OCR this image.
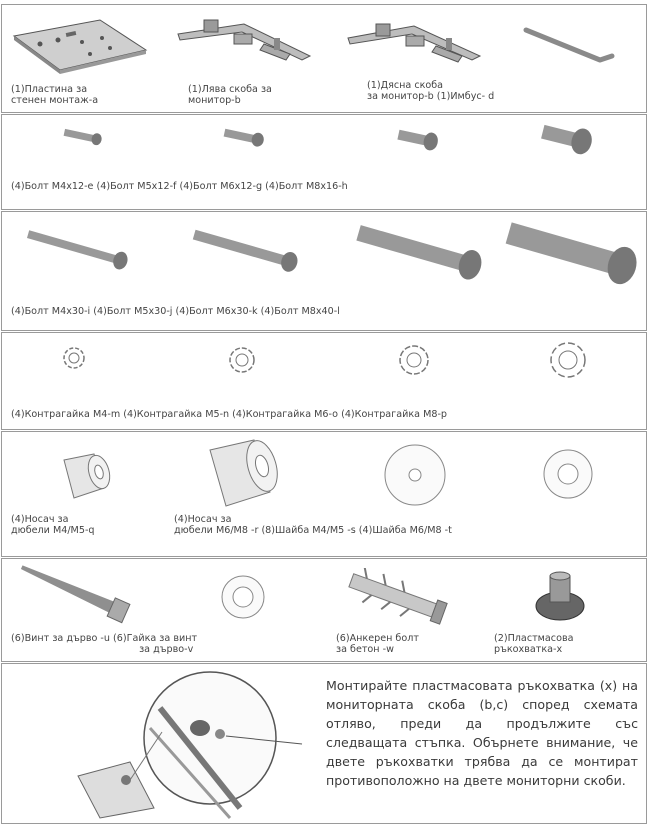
(1)Пластина за
стенен монтаж-а
(1)Лява скоба за
монитор-b
(1)Дясна скоба
за монитор-b (1)Имбус- d
(4)Болт M4x12-e (4)Болт M5x12-f (4)Болт M6x12-g (4)Болт M8x16-h
(4)Болт M4x30-i (4)Болт M5x30-j (4)Болт M6x30-k (4)Болт M8x40-l
(4)Контрагайка M4-m (4)Контрагайка M5-n (4)Контрагайка M6-o (4)Контрагайка M8-p
(4)Носач за
дюбели M4/M5-q
(4)Носач за
дюбели M6/M8 -r (8)Шайба M4/M5 -s (4)Шайба M6/M8 -t
(6)Винт за дърво -u (6)Гайка за винт
за дърво-v
(6)Анкерен болт
за бетон -w
(2)Пластмасова
ръкохватка-x
Монтирайте пластмасовата ръкохватка (x) на мониторната скоба (b,c) според схемата отляво, преди да продължите със следващата стъпка. Обърнете внимание, че двете ръкохватки трябва да се монтират противоположно на двете мониторни скоби.
